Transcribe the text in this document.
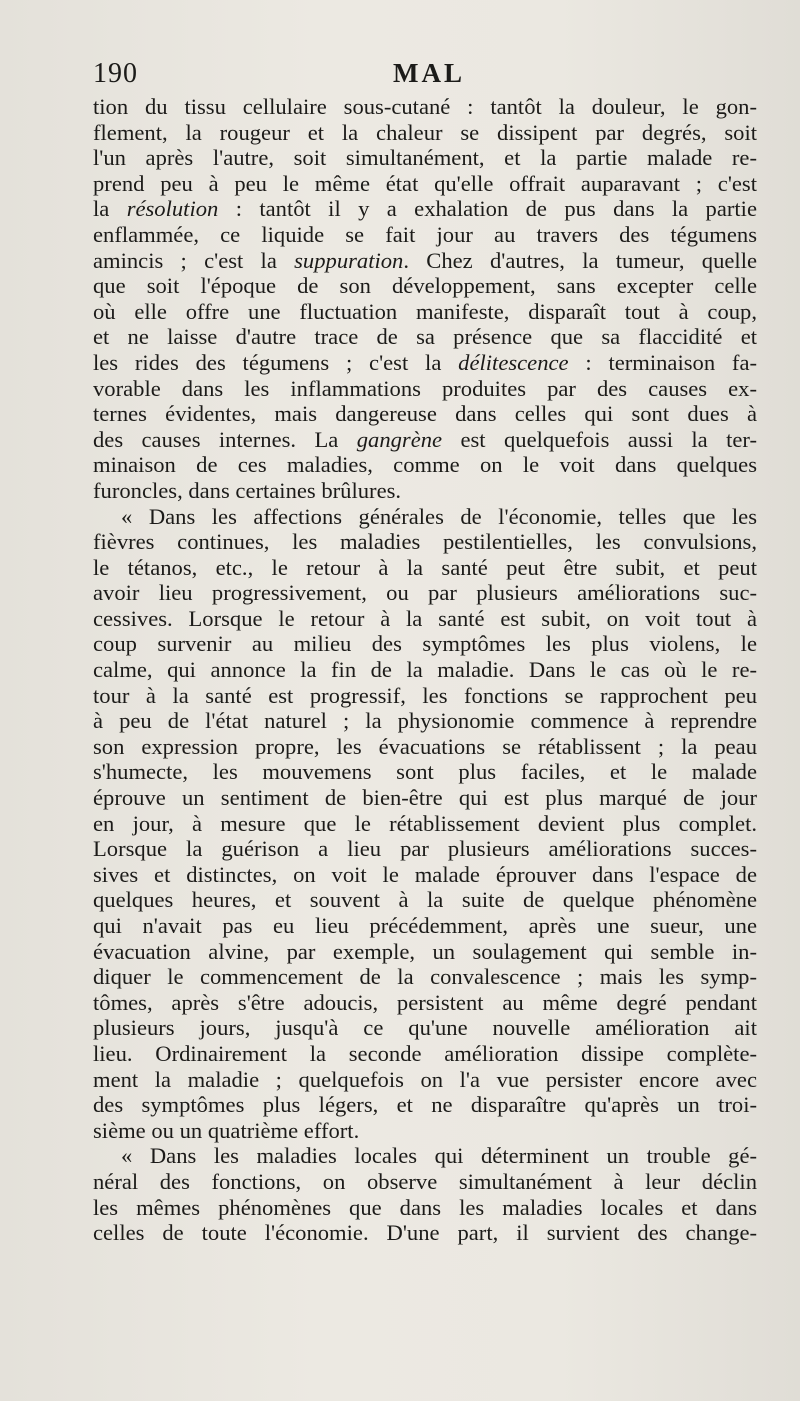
190	MAL
tion du tissu cellulaire sous-cutané : tantôt la douleur, le gon-
flement, la rougeur et la chaleur se dissipent par degrés, soit
l'un après l'autre, soit simultanément, et la partie malade re-
prend peu à peu le même état qu'elle offrait auparavant ; c'est
la résolution : tantôt il y a exhalation de pus dans la partie
enflammée, ce liquide se fait jour au travers des tégumens
amincis ; c'est la suppuration. Chez d'autres, la tumeur, quelle
que soit l'époque de son développement, sans excepter celle
où elle offre une fluctuation manifeste, disparaît tout à coup,
et ne laisse d'autre trace de sa présence que sa flaccidité et
les rides des tégumens ; c'est la délitescence : terminaison fa-
vorable dans les inflammations produites par des causes ex-
ternes évidentes, mais dangereuse dans celles qui sont dues à
des causes internes. La gangrène est quelquefois aussi la ter-
minaison de ces maladies, comme on le voit dans quelques
furoncles, dans certaines brûlures.
« Dans les affections générales de l'économie, telles que les
fièvres continues, les maladies pestilentielles, les convulsions,
le tétanos, etc., le retour à la santé peut être subit, et peut
avoir lieu progressivement, ou par plusieurs améliorations suc-
cessives. Lorsque le retour à la santé est subit, on voit tout à
coup survenir au milieu des symptômes les plus violens, le
calme, qui annonce la fin de la maladie. Dans le cas où le re-
tour à la santé est progressif, les fonctions se rapprochent peu
à peu de l'état naturel ; la physionomie commence à reprendre
son expression propre, les évacuations se rétablissent ; la peau
s'humecte, les mouvemens sont plus faciles, et le malade
éprouve un sentiment de bien-être qui est plus marqué de jour
en jour, à mesure que le rétablissement devient plus complet.
Lorsque la guérison a lieu par plusieurs améliorations succes-
sives et distinctes, on voit le malade éprouver dans l'espace de
quelques heures, et souvent à la suite de quelque phénomène
qui n'avait pas eu lieu précédemment, après une sueur, une
évacuation alvine, par exemple, un soulagement qui semble in-
diquer le commencement de la convalescence ; mais les symp-
tômes, après s'être adoucis, persistent au même degré pendant
plusieurs jours, jusqu'à ce qu'une nouvelle amélioration ait
lieu. Ordinairement la seconde amélioration dissipe complète-
ment la maladie ; quelquefois on l'a vue persister encore avec
des symptômes plus légers, et ne disparaître qu'après un troi-
sième ou un quatrième effort.
« Dans les maladies locales qui déterminent un trouble gé-
néral des fonctions, on observe simultanément à leur déclin
les mêmes phénomènes que dans les maladies locales et dans
celles de toute l'économie. D'une part, il survient des change-
